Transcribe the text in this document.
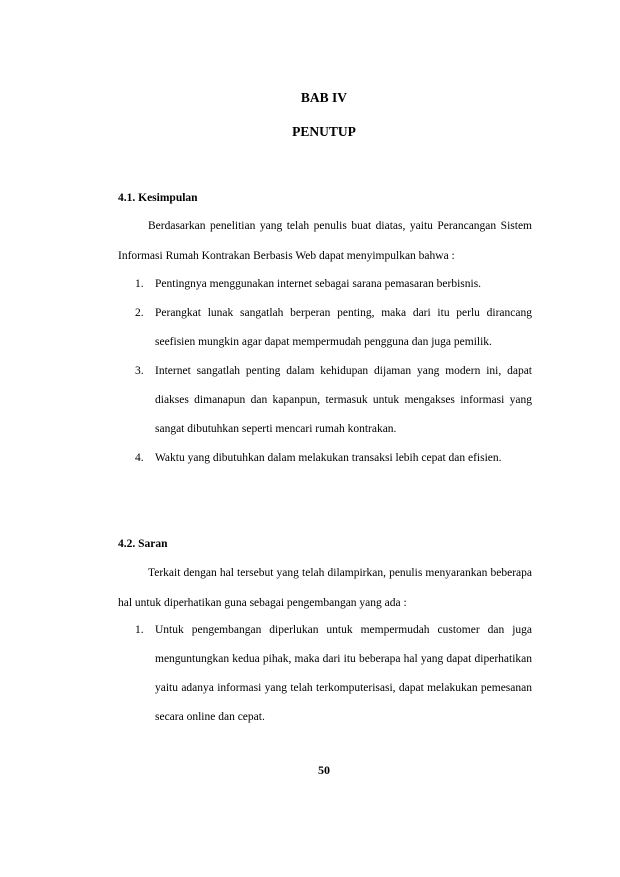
BAB IV
PENUTUP
4.1. Kesimpulan

Berdasarkan penelitian yang telah penulis buat diatas, yaitu Perancangan Sistem Informasi Rumah Kontrakan Berbasis Web dapat menyimpulkan bahwa :

1. Pentingnya menggunakan internet sebagai sarana pemasaran berbisnis.
2. Perangkat lunak sangatlah berperan penting, maka dari itu perlu dirancang seefisien mungkin agar dapat mempermudah pengguna dan juga pemilik.
3. Internet sangatlah penting dalam kehidupan dijaman yang modern ini, dapat diakses dimanapun dan kapanpun, termasuk untuk mengakses informasi yang sangat dibutuhkan seperti mencari rumah kontrakan.
4. Waktu yang dibutuhkan dalam melakukan transaksi lebih cepat dan efisien.
4.2. Saran

Terkait dengan hal tersebut yang telah dilampirkan, penulis menyarankan beberapa hal untuk diperhatikan guna sebagai pengembangan yang ada :

1. Untuk pengembangan diperlukan untuk mempermudah customer dan juga menguntungkan kedua pihak, maka dari itu beberapa hal yang dapat diperhatikan yaitu adanya informasi yang telah terkomputerisasi, dapat melakukan pemesanan secara online dan cepat.
50
